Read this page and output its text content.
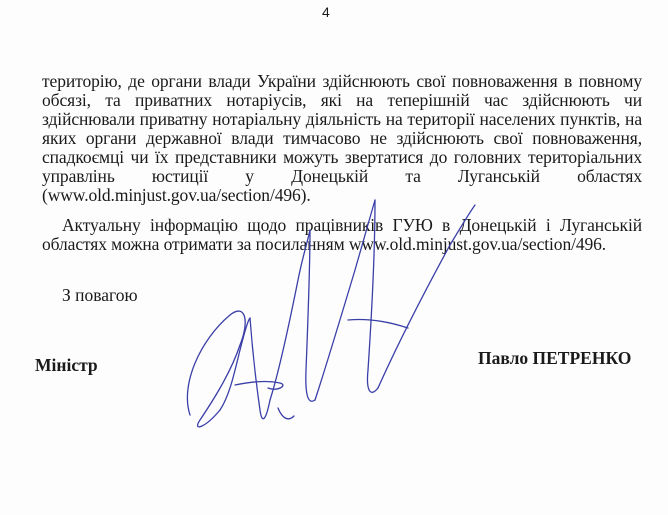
4
територію, де органи влади України здійснюють свої повноваження в повному
обсязі, та приватних нотаріусів, які на теперішній час здійснюють чи
здійснювали приватну нотаріальну діяльність на території населених пунктів, на
яких органи державної влади тимчасово не здійснюють свої повноваження,
спадкоємці чи їх представники можуть звертатися до головних територіальних
управлінь юстиції у Донецькій та Луганській областях
(www.old.minjust.gov.ua/section/496).
Актуальну інформацію щодо працівників ГУЮ в Донецькій і Луганській
областях можна отримати за посиланням www.old.minjust.gov.ua/section/496.
З повагою
Міністр	Павло ПЕТРЕНКО
